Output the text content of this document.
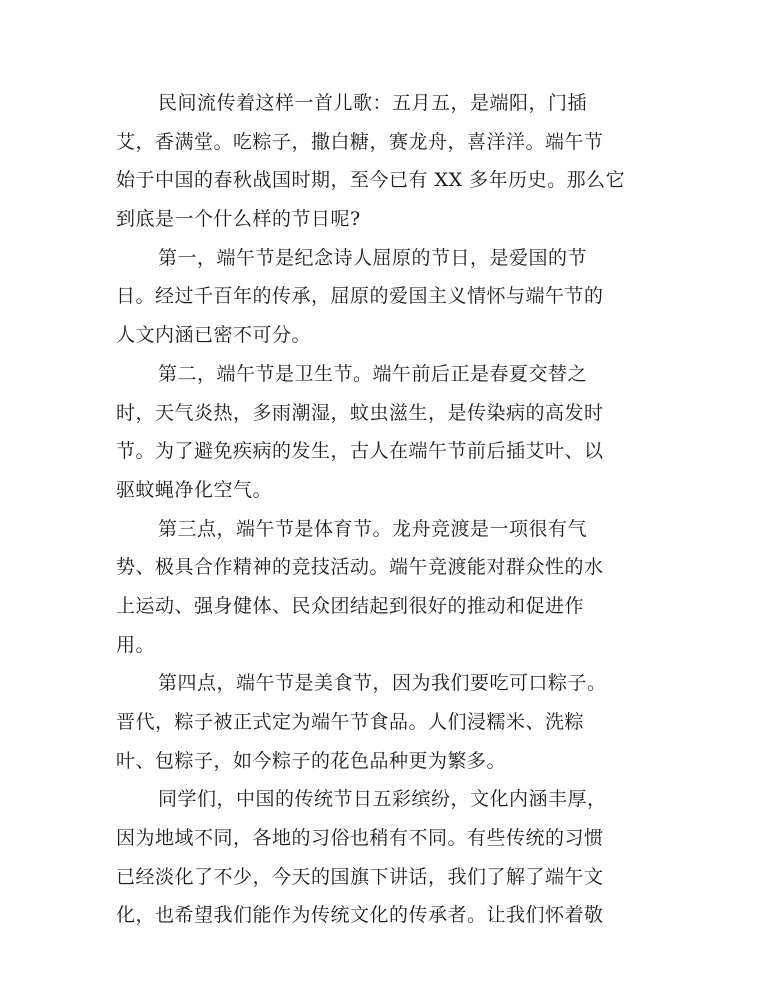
民间流传着这样一首儿歌：五月五，是端阳，门插
艾，香满堂。吃粽子，撒白糖，赛龙舟，喜洋洋。端午节
始于中国的春秋战国时期，至今已有 XX 多年历史。那么它
到底是一个什么样的节日呢?
第一，端午节是纪念诗人屈原的节日，是爱国的节
日。经过千百年的传承，屈原的爱国主义情怀与端午节的
人文内涵已密不可分。
第二，端午节是卫生节。端午前后正是春夏交替之
时，天气炎热，多雨潮湿，蚊虫滋生，是传染病的高发时
节。为了避免疾病的发生，古人在端午节前后插艾叶、以
驱蚊蝇净化空气。
第三点，端午节是体育节。龙舟竞渡是一项很有气
势、极具合作精神的竞技活动。端午竞渡能对群众性的水
上运动、强身健体、民众团结起到很好的推动和促进作
用。
第四点，端午节是美食节，因为我们要吃可口粽子。
晋代，粽子被正式定为端午节食品。人们浸糯米、洗粽
叶、包粽子，如今粽子的花色品种更为繁多。
同学们，中国的传统节日五彩缤纷，文化内涵丰厚，
因为地域不同，各地的习俗也稍有不同。有些传统的习惯
已经淡化了不少，今天的国旗下讲话，我们了解了端午文
化，也希望我们能作为传统文化的传承者。让我们怀着敬
